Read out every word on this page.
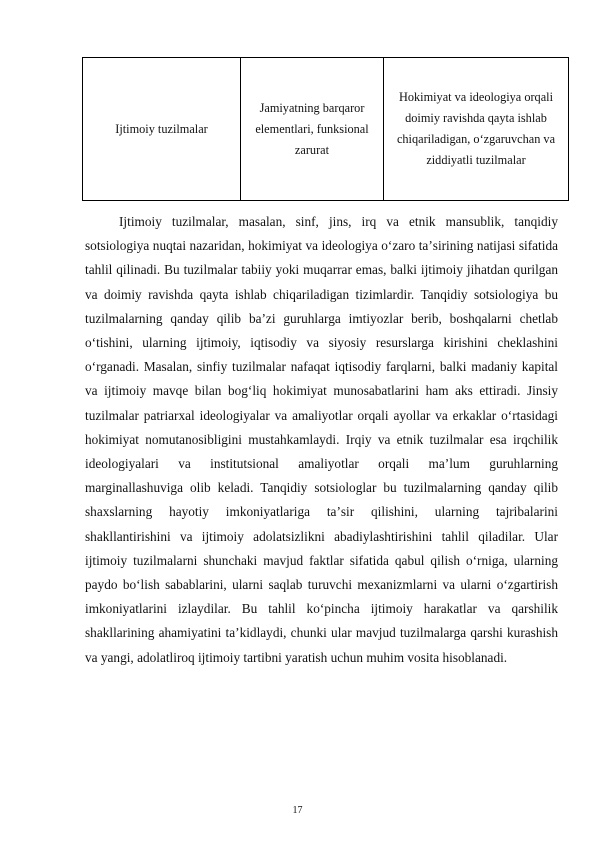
Ijtimoiy tuzilmalar	Jamiyatning barqaror elementlari, funksional zarurat	Hokimiyat va ideologiya orqali doimiy ravishda qayta ishlab chiqariladigan, oʻzgaruvchan va ziddiyatli tuzilmalar

Ijtimoiy tuzilmalar, masalan, sinf, jins, irq va etnik mansublik, tanqidiy sotsiologiya nuqtai nazaridan, hokimiyat va ideologiya oʻzaro taʼsirining natijasi sifatida tahlil qilinadi. Bu tuzilmalar tabiiy yoki muqarrar emas, balki ijtimoiy jihatdan qurilgan va doimiy ravishda qayta ishlab chiqariladigan tizimlardir. Tanqidiy sotsiologiya bu tuzilmalarning qanday qilib baʼzi guruhlarga imtiyozlar berib, boshqalarni chetlab oʻtishini, ularning ijtimoiy, iqtisodiy va siyosiy resurslarga kirishini cheklashini oʻrganadi. Masalan, sinfiy tuzilmalar nafaqat iqtisodiy farqlarni, balki madaniy kapital va ijtimoiy mavqe bilan bogʻliq hokimiyat munosabatlarini ham aks ettiradi. Jinsiy tuzilmalar patriarxal ideologiyalar va amaliyotlar orqali ayollar va erkaklar oʻrtasidagi hokimiyat nomutanosibligini mustahkamlaydi. Irqiy va etnik tuzilmalar esa irqchilik ideologiyalari va institutsional amaliyotlar orqali maʼlum guruhlarning marginallashuviga olib keladi. Tanqidiy sotsiologlar bu tuzilmalarning qanday qilib shaxslarning hayotiy imkoniyatlariga taʼsir qilishini, ularning tajribalarini shakllantirishini va ijtimoiy adolatsizlikni abadiylashtirishini tahlil qiladilar. Ular ijtimoiy tuzilmalarni shunchaki mavjud faktlar sifatida qabul qilish oʻrniga, ularning paydo boʻlish sabablarini, ularni saqlab turuvchi mexanizmlarni va ularni oʻzgartirish imkoniyatlarini izlaydilar. Bu tahlil koʻpincha ijtimoiy harakatlar va qarshilik shakllarining ahamiyatini taʼkidlaydi, chunki ular mavjud tuzilmalarga qarshi kurashish va yangi, adolatliroq ijtimoiy tartibni yaratish uchun muhim vosita hisoblanadi.

17
